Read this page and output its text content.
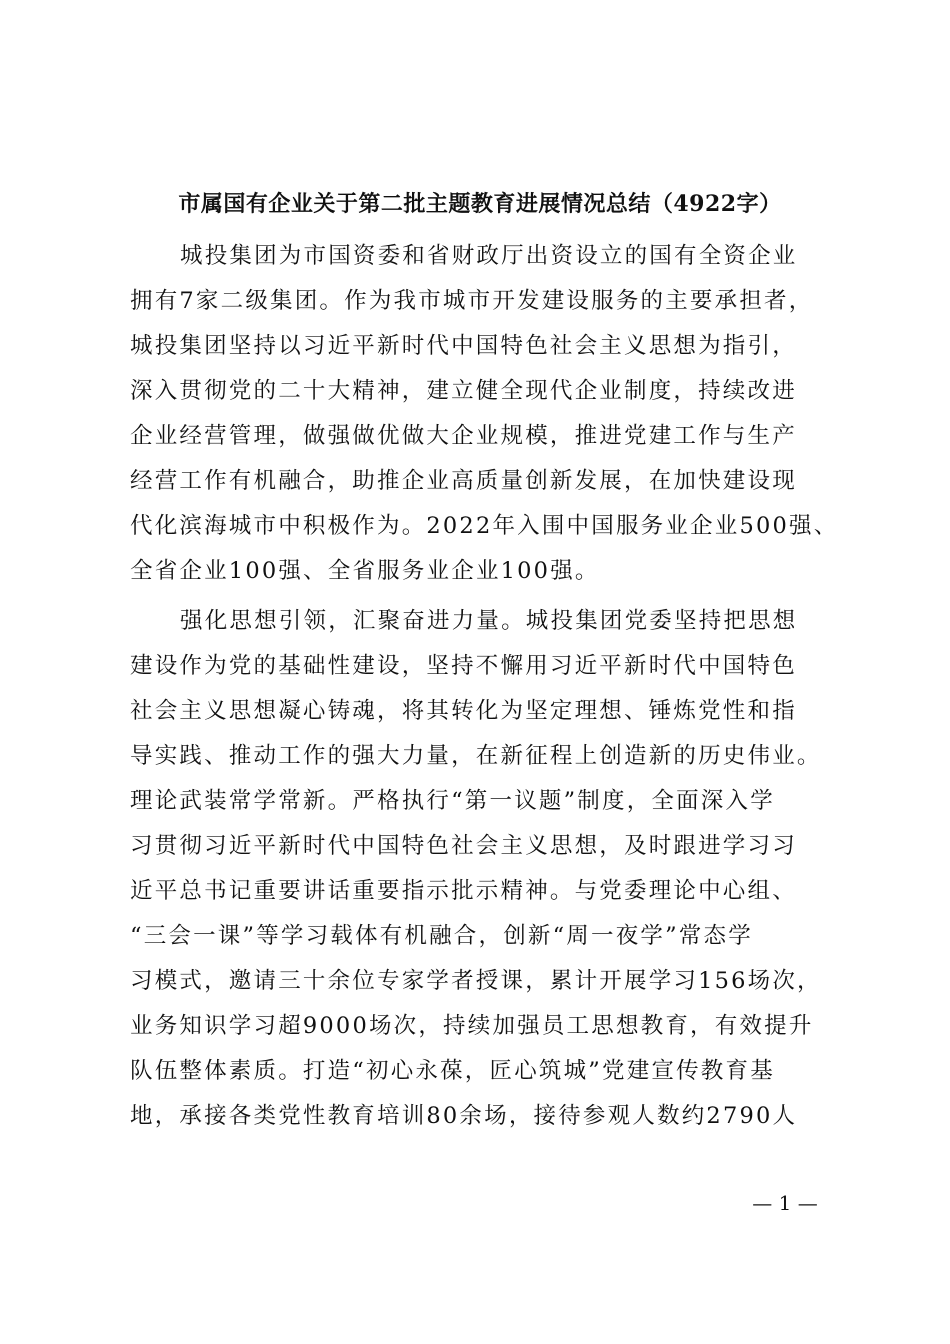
市属国有企业关于第二批主题教育进展情况总结（4922字）
城投集团为市国资委和省财政厅出资设立的国有全资企业
拥有7家二级集团。作为我市城市开发建设服务的主要承担者，
城投集团坚持以习近平新时代中国特色社会主义思想为指引，
深入贯彻党的二十大精神，建立健全现代企业制度，持续改进
企业经营管理，做强做优做大企业规模，推进党建工作与生产
经营工作有机融合，助推企业高质量创新发展，在加快建设现
代化滨海城市中积极作为。2022年入围中国服务业企业500强、
全省企业100强、全省服务业企业100强。
强化思想引领，汇聚奋进力量。城投集团党委坚持把思想
建设作为党的基础性建设，坚持不懈用习近平新时代中国特色
社会主义思想凝心铸魂，将其转化为坚定理想、锤炼党性和指
导实践、推动工作的强大力量，在新征程上创造新的历史伟业。
理论武装常学常新。严格执行“第一议题”制度，全面深入学
习贯彻习近平新时代中国特色社会主义思想，及时跟进学习习
近平总书记重要讲话重要指示批示精神。与党委理论中心组、
“三会一课”等学习载体有机融合，创新“周一夜学”常态学
习模式，邀请三十余位专家学者授课，累计开展学习156场次，
业务知识学习超9000场次，持续加强员工思想教育，有效提升
队伍整体素质。打造“初心永葆，匠心筑城”党建宣传教育基
地，承接各类党性教育培训80余场，接待参观人数约2790人
— 1 —
